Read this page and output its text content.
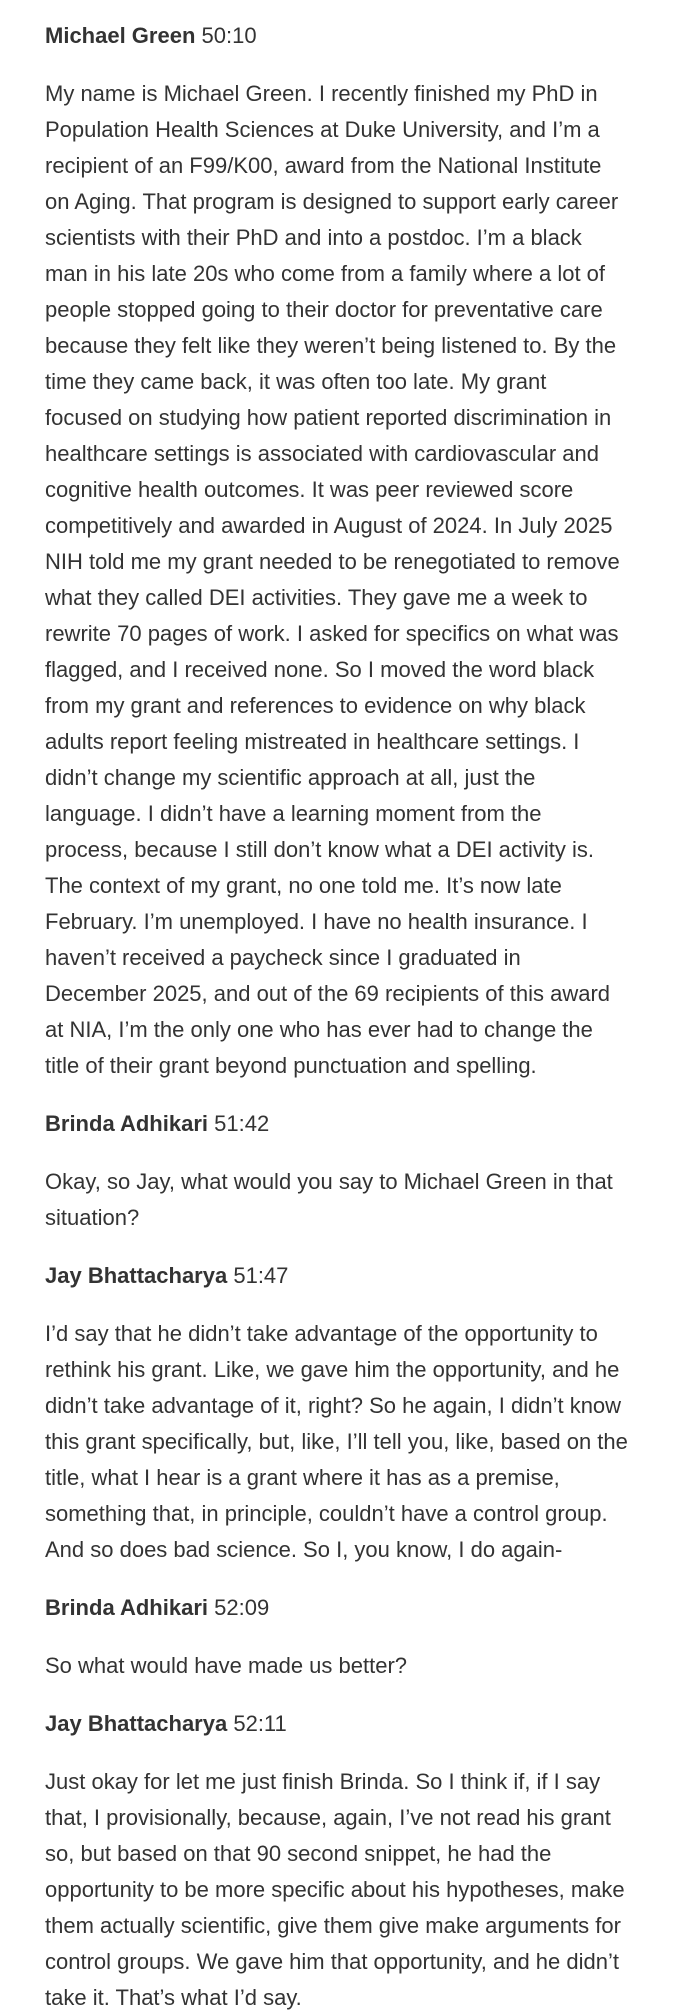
Michael Green 50:10

My name is Michael Green. I recently finished my PhD in Population Health Sciences at Duke University, and I’m a recipient of an F99/K00, award from the National Institute on Aging. That program is designed to support early career scientists with their PhD and into a postdoc. I’m a black man in his late 20s who come from a family where a lot of people stopped going to their doctor for preventative care because they felt like they weren’t being listened to. By the time they came back, it was often too late. My grant focused on studying how patient reported discrimination in healthcare settings is associated with cardiovascular and cognitive health outcomes. It was peer reviewed score competitively and awarded in August of 2024. In July 2025 NIH told me my grant needed to be renegotiated to remove what they called DEI activities. They gave me a week to rewrite 70 pages of work. I asked for specifics on what was flagged, and I received none. So I moved the word black from my grant and references to evidence on why black adults report feeling mistreated in healthcare settings. I didn’t change my scientific approach at all, just the language. I didn’t have a learning moment from the process, because I still don’t know what a DEI activity is. The context of my grant, no one told me. It’s now late February. I’m unemployed. I have no health insurance. I haven’t received a paycheck since I graduated in December 2025, and out of the 69 recipients of this award at NIA, I’m the only one who has ever had to change the title of their grant beyond punctuation and spelling.

Brinda Adhikari 51:42

Okay, so Jay, what would you say to Michael Green in that situation?

Jay Bhattacharya 51:47

I’d say that he didn’t take advantage of the opportunity to rethink his grant. Like, we gave him the opportunity, and he didn’t take advantage of it, right? So he again, I didn’t know this grant specifically, but, like, I’ll tell you, like, based on the title, what I hear is a grant where it has as a premise, something that, in principle, couldn’t have a control group. And so does bad science. So I, you know, I do again-

Brinda Adhikari 52:09

So what would have made us better?

Jay Bhattacharya 52:11

Just okay for let me just finish Brinda. So I think if, if I say that, I provisionally, because, again, I’ve not read his grant so, but based on that 90 second snippet, he had the opportunity to be more specific about his hypotheses, make them actually scientific, give them give make arguments for control groups. We gave him that opportunity, and he didn’t take it. That’s what I’d say.
